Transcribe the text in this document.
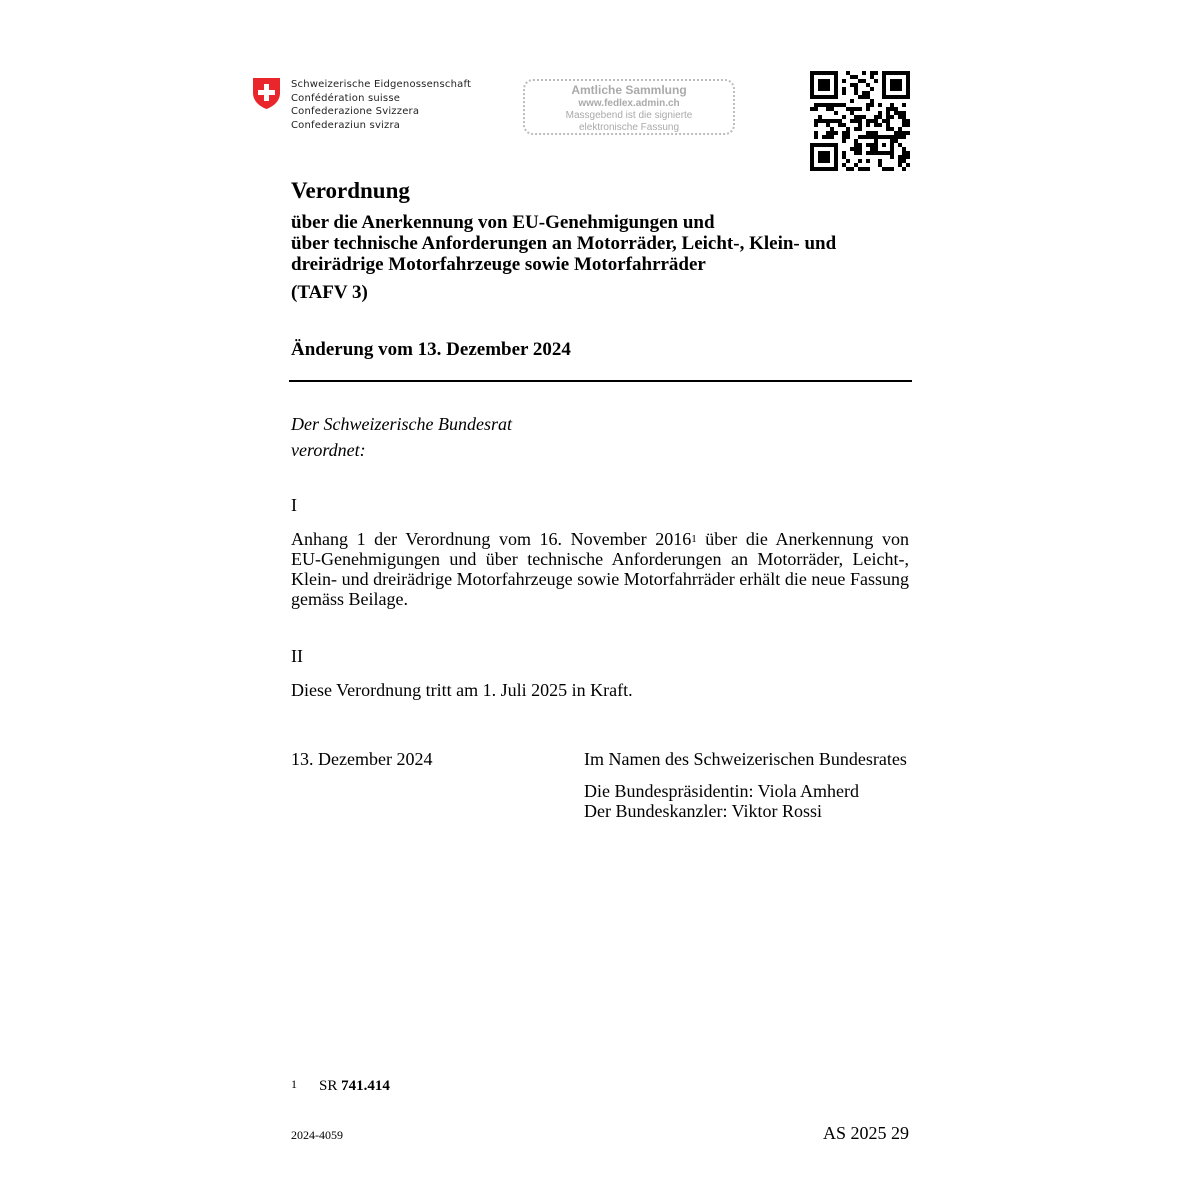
Schweizerische Eidgenossenschaft
Confédération suisse
Confederazione Svizzera
Confederaziun svizra
Amtliche Sammlung
www.fedlex.admin.ch
Massgebend ist die signierte
elektronische Fassung
Verordnung
über die Anerkennung von EU-Genehmigungen und
über technische Anforderungen an Motorräder, Leicht-, Klein- und
dreirädrige Motorfahrzeuge sowie Motorfahrräder
(TAFV 3)
Änderung vom 13. Dezember 2024
Der Schweizerische Bundesrat
verordnet:
I
Anhang 1 der Verordnung vom 16. November 2016$^1$ über die Anerkennung von
EU-Genehmigungen und über technische Anforderungen an Motorräder, Leicht-,
Klein- und dreirädrige Motorfahrzeuge sowie Motorfahrräder erhält die neue Fassung
gemäss Beilage.
II
Diese Verordnung tritt am 1. Juli 2025 in Kraft.
13. Dezember 2024	Im Namen des Schweizerischen Bundesrates
Die Bundespräsidentin: Viola Amherd
Der Bundeskanzler: Viktor Rossi
1 SR 741.414
2024-4059	AS 2025 29
